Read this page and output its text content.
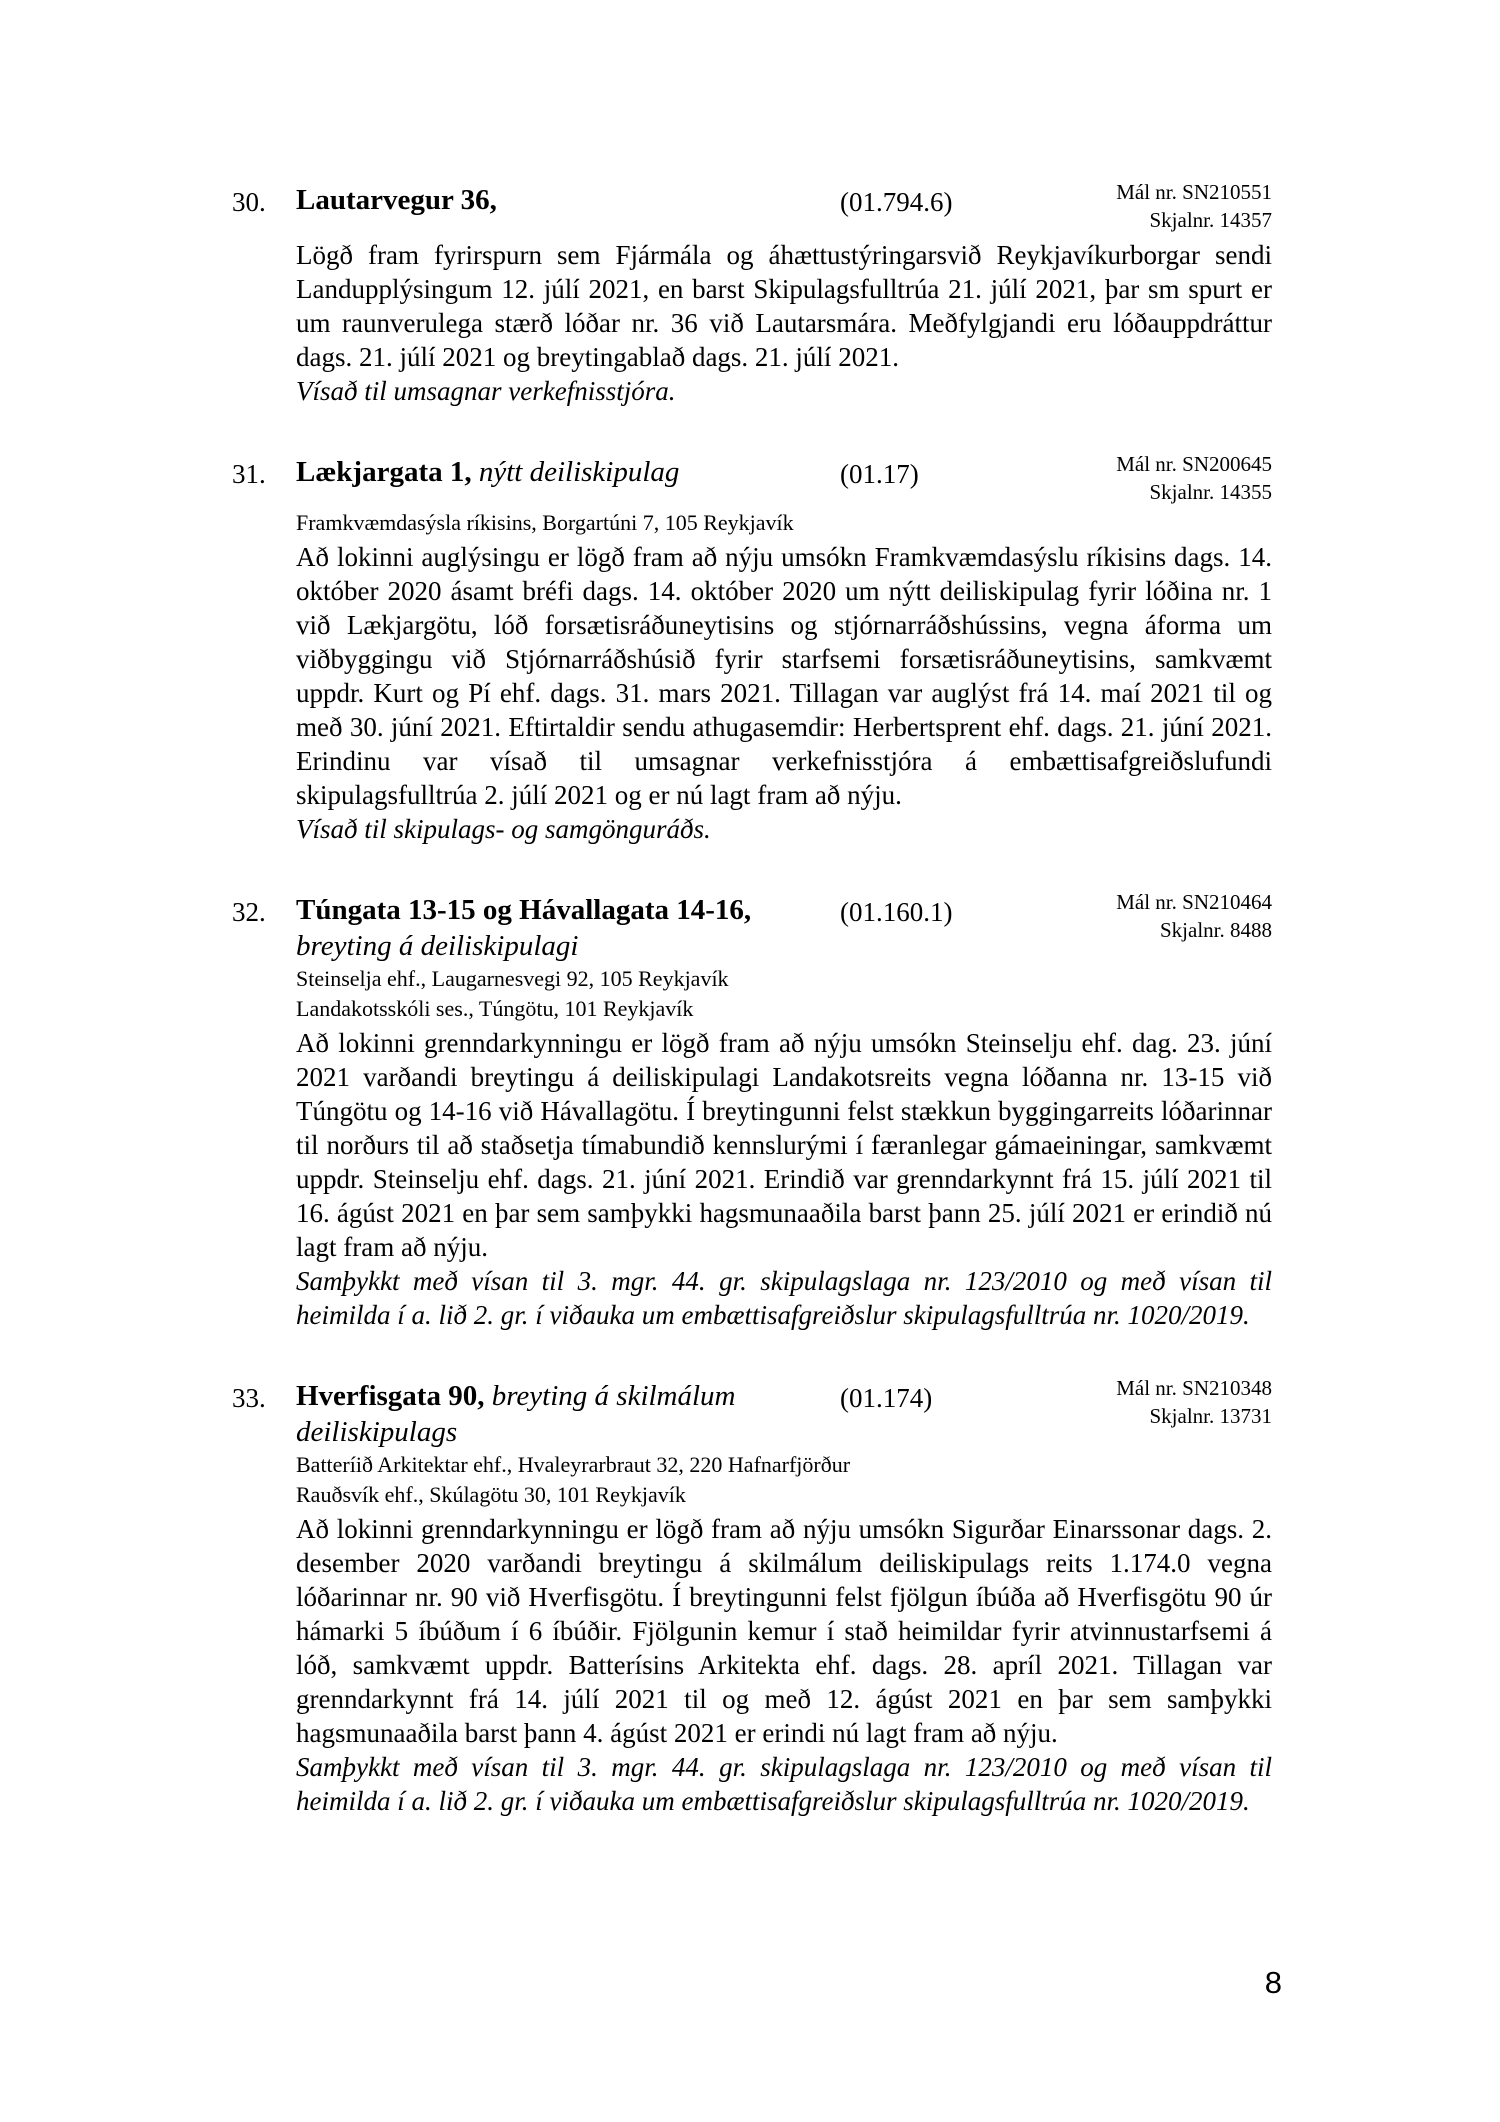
30. Lautarvegur 36,	(01.794.6)	Mál nr. SN210551
Skjalnr. 14357
Lögð fram fyrirspurn sem Fjármála og áhættustýringarsvið Reykjavíkurborgar sendi Landupplýsingum 12. júlí 2021, en barst Skipulagsfulltrúa 21. júlí 2021, þar sm spurt er um raunverulega stærð lóðar nr. 36 við Lautarsmára. Meðfylgjandi eru lóðauppdráttur dags. 21. júlí 2021 og breytingablað dags. 21. júlí 2021.
Vísað til umsagnar verkefnisstjóra.
31. Lækjargata 1, nýtt deiliskipulag	(01.17)	Mál nr. SN200645
Skjalnr. 14355
Framkvæmdasýsla ríkisins, Borgartúni 7, 105 Reykjavík
Að lokinni auglýsingu er lögð fram að nýju umsókn Framkvæmdasýslu ríkisins dags. 14. október 2020 ásamt bréfi dags. 14. október 2020 um nýtt deiliskipulag fyrir lóðina nr. 1 við Lækjargötu, lóð forsætisráðuneytisins og stjórnarráðshússins, vegna áforma um viðbyggingu við Stjórnarráðshúsið fyrir starfsemi forsætisráðuneytisins, samkvæmt uppdr. Kurt og Pí ehf. dags. 31. mars 2021. Tillagan var auglýst frá 14. maí 2021 til og með 30. júní 2021. Eftirtaldir sendu athugasemdir: Herbertsprent ehf. dags. 21. júní 2021. Erindinu var vísað til umsagnar verkefnisstjóra á embættisafgreiðslufundi skipulagsfulltrúa 2. júlí 2021 og er nú lagt fram að nýju.
Vísað til skipulags- og samgönguráðs.
32. Túngata 13-15 og Hávallagata 14-16, breyting á deiliskipulagi
(01.160.1)	Mál nr. SN210464
Skjalnr. 8488
Steinselja ehf., Laugarnesvegi 92, 105 Reykjavík
Landakotsskóli ses., Túngötu, 101 Reykjavík
Að lokinni grenndarkynningu er lögð fram að nýju umsókn Steinselju ehf. dag. 23. júní 2021 varðandi breytingu á deiliskipulagi Landakotsreits vegna lóðanna nr. 13-15 við Túngötu og 14-16 við Hávallagötu. Í breytingunni felst stækkun byggingarreits lóðarinnar til norðurs til að staðsetja tímabundið kennslurými í færanlegar gámaeiningar, samkvæmt uppdr. Steinselju ehf. dags. 21. júní 2021. Erindið var grenndarkynnt frá 15. júlí 2021 til 16. ágúst 2021 en þar sem samþykki hagsmunaaðila barst þann 25. júlí 2021 er erindið nú lagt fram að nýju.
Samþykkt með vísan til 3. mgr. 44. gr. skipulagslaga nr. 123/2010 og með vísan til heimilda í a. lið 2. gr. í viðauka um embættisafgreiðslur skipulagsfulltrúa nr. 1020/2019.
33. Hverfisgata 90, breyting á skilmálum deiliskipulags
(01.174)	Mál nr. SN210348
Skjalnr. 13731
Batteríið Arkitektar ehf., Hvaleyrarbraut 32, 220 Hafnarfjörður
Rauðsvík ehf., Skúlagötu 30, 101 Reykjavík
Að lokinni grenndarkynningu er lögð fram að nýju umsókn Sigurðar Einarssonar dags. 2. desember 2020 varðandi breytingu á skilmálum deiliskipulags reits 1.174.0 vegna lóðarinnar nr. 90 við Hverfisgötu. Í breytingunni felst fjölgun íbúða að Hverfisgötu 90 úr hámarki 5 íbúðum í 6 íbúðir. Fjölgunin kemur í stað heimildar fyrir atvinnustarfsemi á lóð, samkvæmt uppdr. Batterísins Arkitekta ehf. dags. 28. apríl 2021. Tillagan var grenndarkynnt frá 14. júlí 2021 til og með 12. ágúst 2021 en þar sem samþykki hagsmunaaðila barst þann 4. ágúst 2021 er erindi nú lagt fram að nýju.
Samþykkt með vísan til 3. mgr. 44. gr. skipulagslaga nr. 123/2010 og með vísan til heimilda í a. lið 2. gr. í viðauka um embættisafgreiðslur skipulagsfulltrúa nr. 1020/2019.
8
